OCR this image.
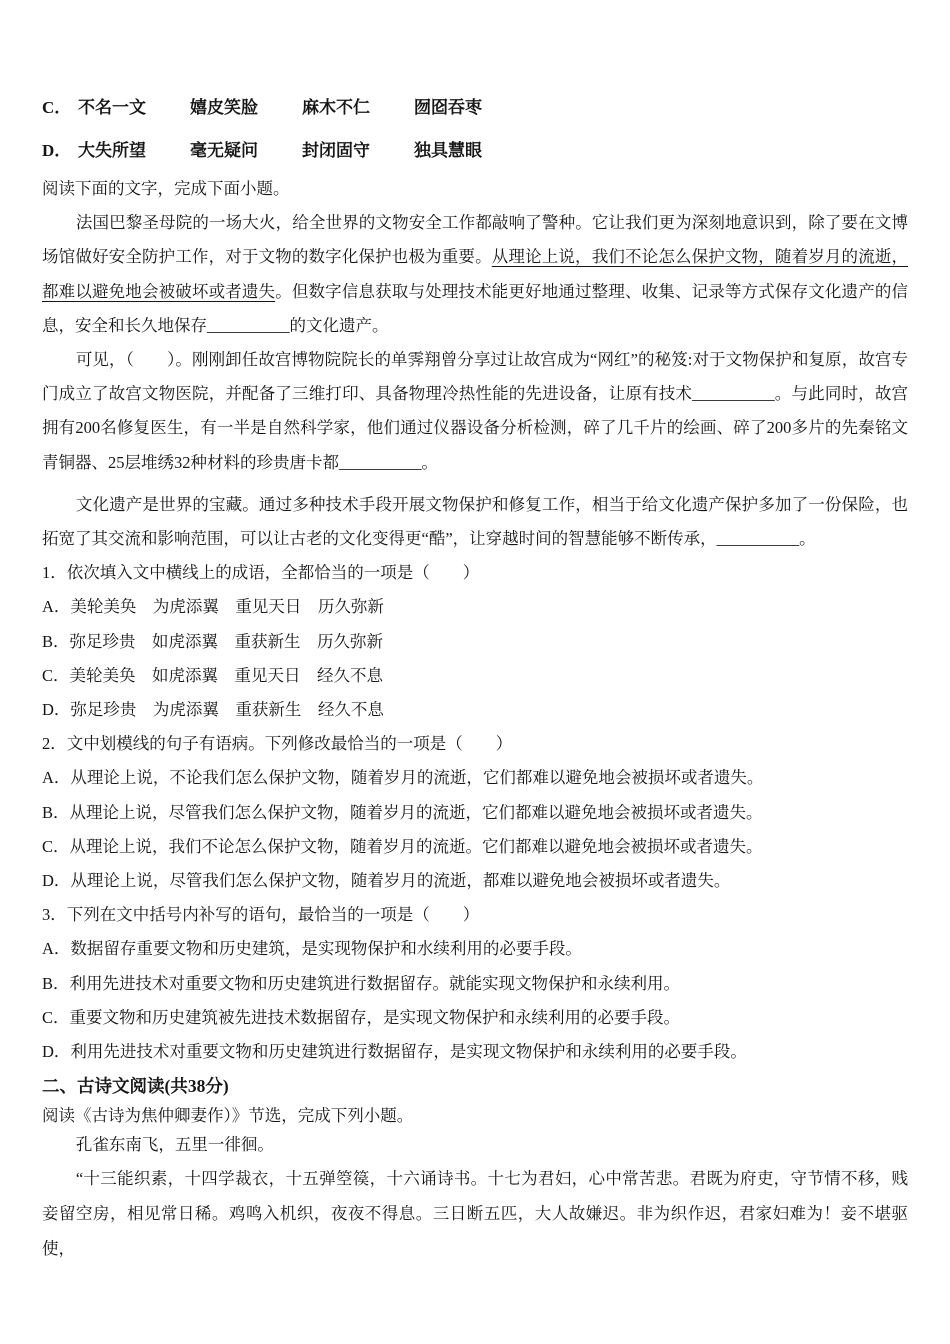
C． 不名一文	嬉皮笑脸	麻木不仁	囫囵吞枣
D． 大失所望	毫无疑问	封闭固守	独具慧眼
阅读下面的文字，完成下面小题。

法国巴黎圣母院的一场大火，给全世界的文物安全工作都敲响了警种。它让我们更为深刻地意识到，除了要在文博场馆做好安全防护工作，对于文物的数字化保护也极为重要。从理论上说，我们不论怎么保护文物，随着岁月的流逝，都难以避免地会被破坏或者遗失。但数字信息获取与处理技术能更好地通过整理、收集、记录等方式保存文化遗产的信息，安全和长久地保存__________的文化遗产。

可见，（　　）。刚刚卸任故宫博物院院长的单霁翔曾分享过让故宫成为“网红”的秘笈:对于文物保护和复原，故宫专门成立了故宫文物医院，并配备了三维打印、具备物理冷热性能的先进设备，让原有技术__________。与此同时，故宫拥有200名修复医生，有一半是自然科学家，他们通过仪器设备分析检测，碎了几千片的绘画、碎了200多片的先秦铭文青铜器、25层堆绣32种材料的珍贵唐卡都__________。

文化遗产是世界的宝藏。通过多种技术手段开展文物保护和修复工作，相当于给文化遗产保护多加了一份保险，也拓宽了其交流和影响范围，可以让古老的文化变得更“酷”，让穿越时间的智慧能够不断传承，__________。

1．依次填入文中横线上的成语，全都恰当的一项是（　　）
A．美轮美奂　为虎添翼　重见天日　历久弥新
B．弥足珍贵　如虎添翼　重获新生　历久弥新
C．美轮美奂　如虎添翼　重见天日　经久不息
D．弥足珍贵　为虎添翼　重获新生　经久不息
2．文中划模线的句子有语病。下列修改最恰当的一项是（　　）
A．从理论上说，不论我们怎么保护文物，随着岁月的流逝，它们都难以避免地会被损坏或者遗失。
B．从理论上说，尽管我们怎么保护文物，随着岁月的流逝，它们都难以避免地会被损坏或者遗失。
C．从理论上说，我们不论怎么保护文物，随着岁月的流逝。它们都难以避免地会被损坏或者遗失。
D．从理论上说，尽管我们怎么保护文物，随着岁月的流逝，都难以避免地会被损坏或者遗失。
3．下列在文中括号内补写的语句，最恰当的一项是（　　）
A．数据留存重要文物和历史建筑，是实现物保护和水续利用的必要手段。
B．利用先进技术对重要文物和历史建筑进行数据留存。就能实现文物保护和永续利用。
C．重要文物和历史建筑被先进技术数据留存，是实现文物保护和永续利用的必要手段。
D．利用先进技术对重要文物和历史建筑进行数据留存，是实现文物保护和永续利用的必要手段。
二、古诗文阅读(共38分)
阅读《古诗为焦仲卿妻作）》节选，完成下列小题。
孔雀东南飞，五里一徘徊。

“十三能织素，十四学裁衣，十五弹箜篌，十六诵诗书。十七为君妇，心中常苦悲。君既为府吏，守节情不移，贱妾留空房，相见常日稀。鸡鸣入机织，夜夜不得息。三日断五匹，大人故嫌迟。非为织作迟，君家妇难为！妾不堪驱使，
